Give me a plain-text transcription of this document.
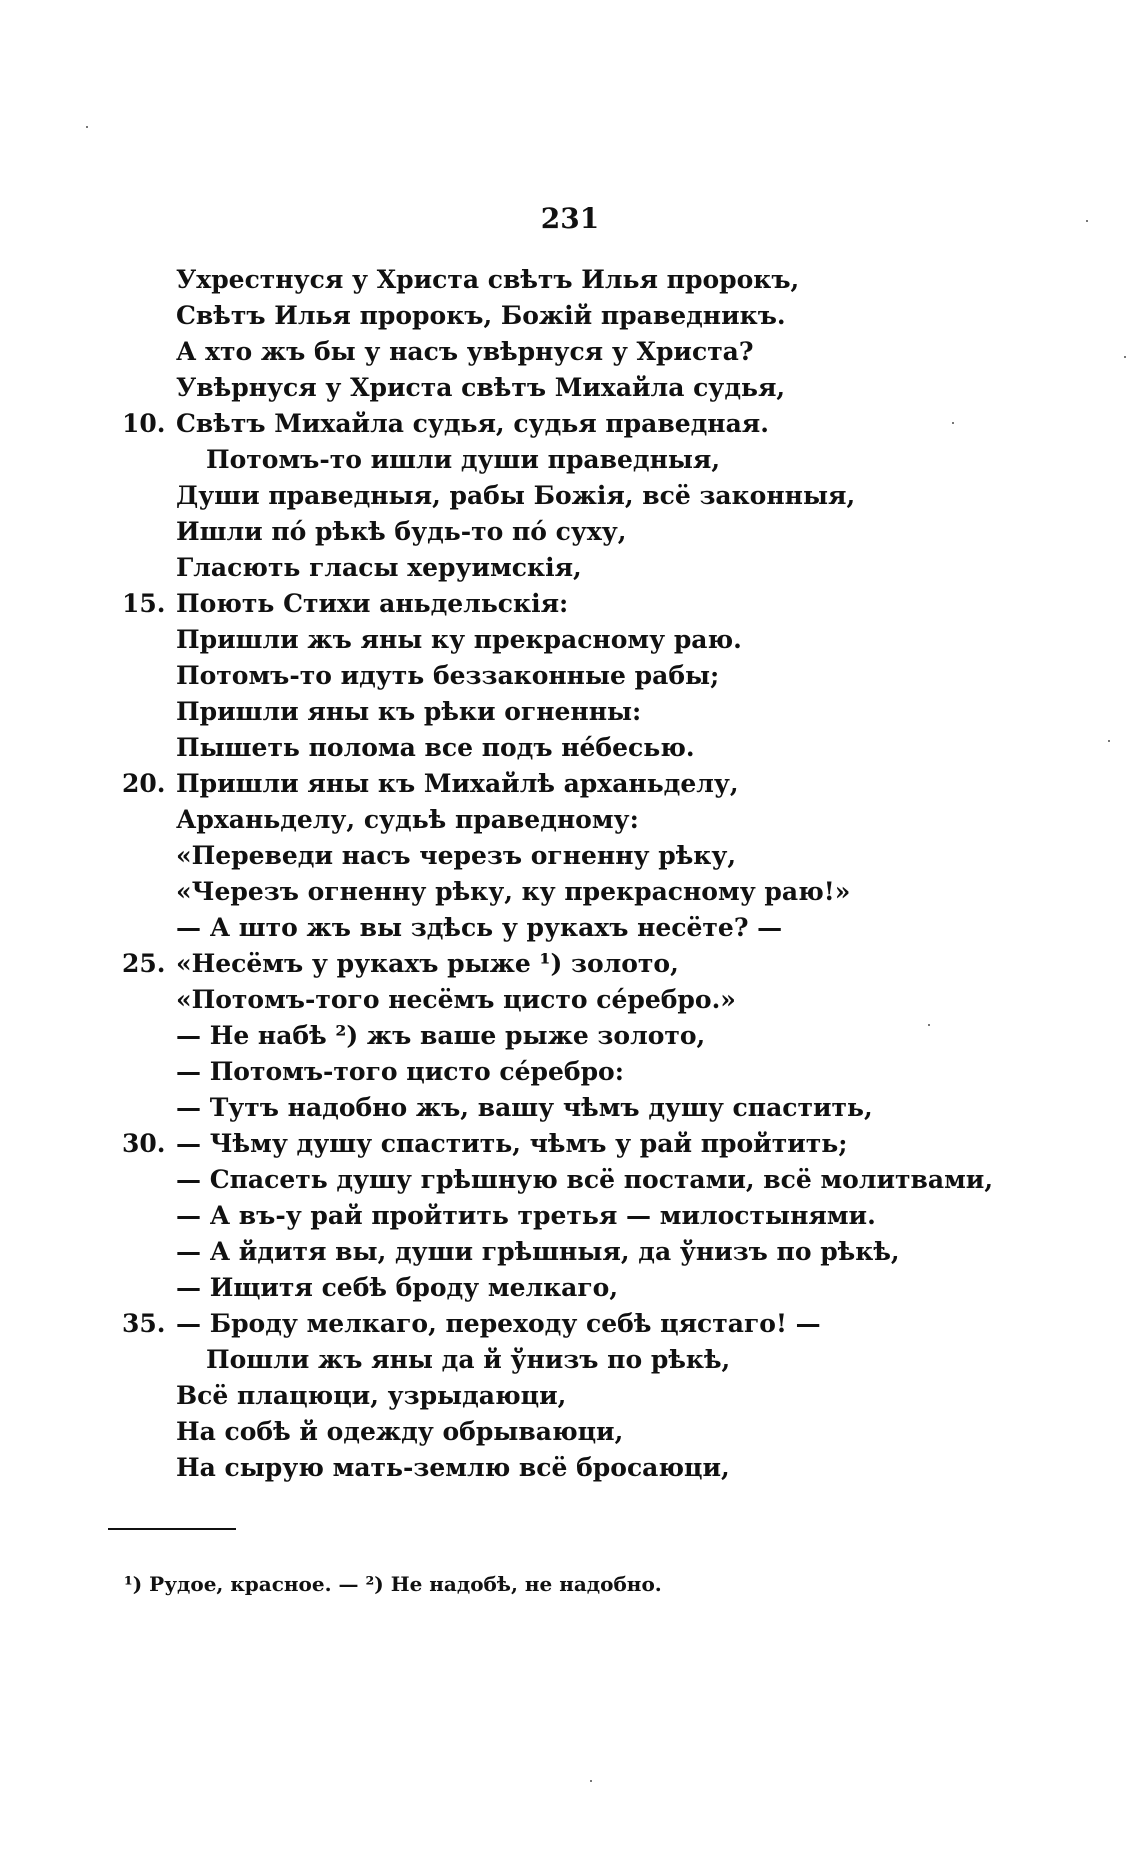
231
Ухрестнуся у Христа свѣтъ Илья пророкъ,
Свѣтъ Илья пророкъ, Божій праведникъ.
А хто жъ бы у насъ увѣрнуся у Христа?
Увѣрнуся у Христа свѣтъ Михайла судья,
10. Свѣтъ Михайла судья, судья праведная.
Потомъ-то ишли души праведныя,
Души праведныя, рабы Божія, всё законныя,
Ишли пó рѣкѣ будь-то пó суху,
Гласють гласы херуимскія,
15. Поють Стихи аньдельскія:
Пришли жъ яны ку прекрасному раю.
Потомъ-то идуть беззаконные рабы;
Пришли яны къ рѣки огненны:
Пышеть полома все подъ нéбесью.
20. Пришли яны къ Михайлѣ арханьделу,
Арханьделу, судьѣ праведному:
«Переведи насъ черезъ огненну рѣку,
«Черезъ огненну рѣку, ку прекрасному раю!»
— А што жъ вы здѣсь у рукахъ несёте? —
25. «Несёмъ у рукахъ рыже ¹) золото,
«Потомъ-того несёмъ цисто сéребро.»
— Не набѣ ²) жъ ваше рыже золото,
— Потомъ-того цисто сéребро:
— Тутъ надобно жъ, вашу чѣмъ душу спастить,
30. — Чѣму душу спастить, чѣмъ у рай пройтить;
— Спасеть душу грѣшную всё постами, всё молитвами,
— А въ-у рай пройтить третья — милостынями.
— А йдитя вы, души грѣшныя, да ўнизъ по рѣкѣ,
— Ищитя себѣ броду мелкаго,
35. — Броду мелкаго, переходу себѣ цястаго! —
Пошли жъ яны да й ўнизъ по рѣкѣ,
Всё плацюци, узрыдаюци,
На собѣ й одежду обрываюци,
На сырую мать-землю всё бросаюци,
¹) Рудое, красное. — ²) Не надобѣ, не надобно.
